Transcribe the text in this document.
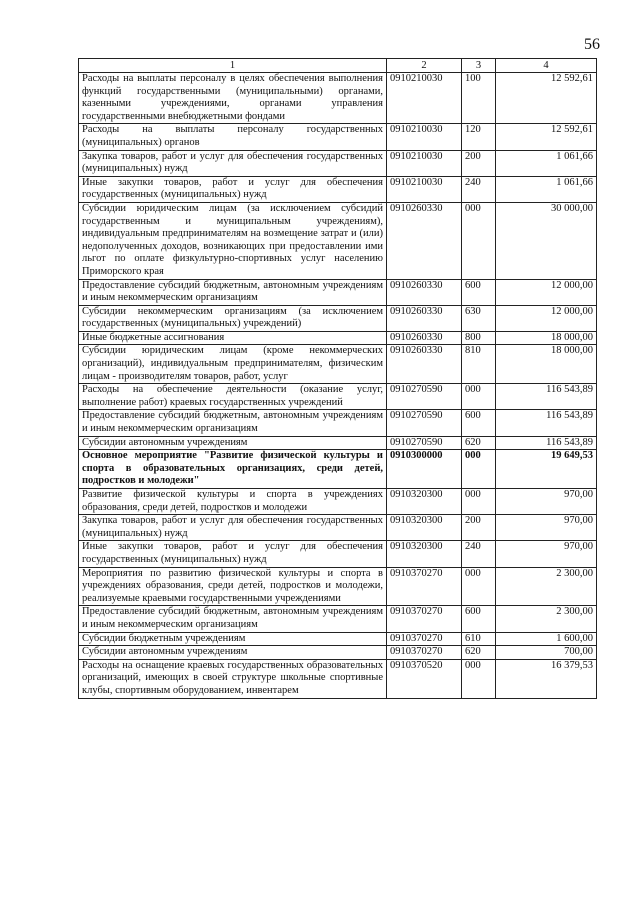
56
1	2	3	4
Расходы на выплаты персоналу в целях обеспечения выполнения функций государственными (муниципальными) органами, казенными учреждениями, органами управления государственными внебюджетными фондами	0910210030	100	12 592,61
Расходы на выплаты персоналу государственных (муниципальных) органов	0910210030	120	12 592,61
Закупка товаров, работ и услуг для обеспечения государственных (муниципальных) нужд	0910210030	200	1 061,66
Иные закупки товаров, работ и услуг для обеспечения государственных (муниципальных) нужд	0910210030	240	1 061,66
Субсидии юридическим лицам (за исключением субсидий государственным и муниципальным учреждениям), индивидуальным предпринимателям на возмещение затрат и (или) недополученных доходов, возникающих при предоставлении ими льгот по оплате физкультурно-спортивных услуг населению Приморского края	0910260330	000	30 000,00
Предоставление субсидий бюджетным, автономным учреждениям и иным некоммерческим организациям	0910260330	600	12 000,00
Субсидии некоммерческим организациям (за исключением государственных (муниципальных) учреждений)	0910260330	630	12 000,00
Иные бюджетные ассигнования	0910260330	800	18 000,00
Субсидии юридическим лицам (кроме некоммерческих организаций), индивидуальным предпринимателям, физическим лицам - производителям товаров, работ, услуг	0910260330	810	18 000,00
Расходы на обеспечение деятельности (оказание услуг, выполнение работ) краевых государственных учреждений	0910270590	000	116 543,89
Предоставление субсидий бюджетным, автономным учреждениям и иным некоммерческим организациям	0910270590	600	116 543,89
Субсидии автономным учреждениям	0910270590	620	116 543,89
Основное мероприятие "Развитие физической культуры и спорта в образовательных организациях, среди детей, подростков и молодежи"	0910300000	000	19 649,53
Развитие физической культуры и спорта в учреждениях образования, среди детей, подростков и молодежи	0910320300	000	970,00
Закупка товаров, работ и услуг для обеспечения государственных (муниципальных) нужд	0910320300	200	970,00
Иные закупки товаров, работ и услуг для обеспечения государственных (муниципальных) нужд	0910320300	240	970,00
Мероприятия по развитию физической культуры и спорта в учреждениях образования, среди детей, подростков и молодежи, реализуемые краевыми государственными учреждениями	0910370270	000	2 300,00
Предоставление субсидий бюджетным, автономным учреждениям и иным некоммерческим организациям	0910370270	600	2 300,00
Субсидии бюджетным учреждениям	0910370270	610	1 600,00
Субсидии автономным учреждениям	0910370270	620	700,00
Расходы на оснащение краевых государственных образовательных организаций, имеющих в своей структуре школьные спортивные клубы, спортивным оборудованием, инвентарем	0910370520	000	16 379,53
